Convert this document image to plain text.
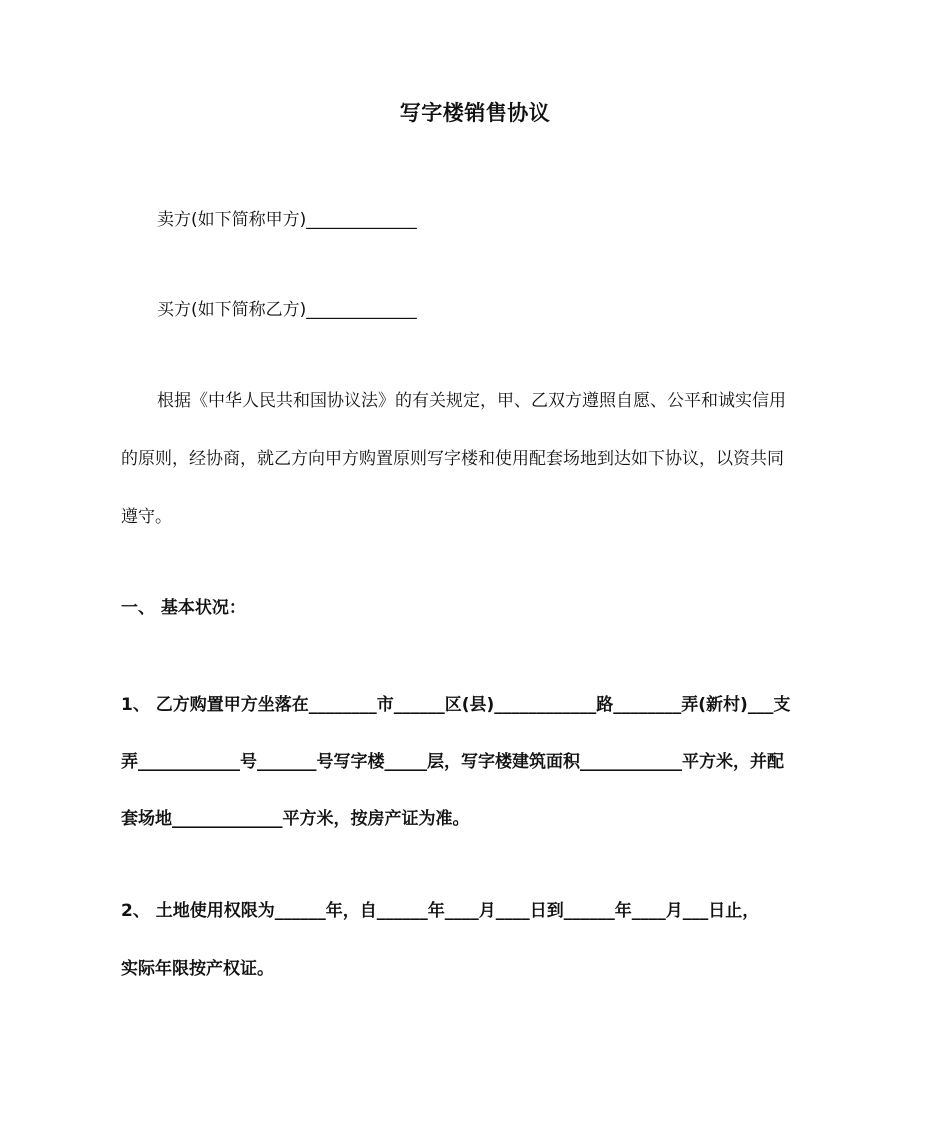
写字楼销售协议
卖方(如下简称甲方)_____________
买方(如下简称乙方)_____________
根据《中华人民共和国协议法》的有关规定，甲、乙双方遵照自愿、公平和诚实信用
的原则，经协商，就乙方向甲方购置原则写字楼和使用配套场地到达如下协议，以资共同
遵守。
一、 基本状况：
1、 乙方购置甲方坐落在________市______区(县)____________路________弄(新村)___支
弄____________号_______号写字楼_____层，写字楼建筑面积____________平方米，并配
套场地_____________平方米，按房产证为准。
2、 土地使用权限为______年，自______年____月____日到______年____月___日止，
实际年限按产权证。
